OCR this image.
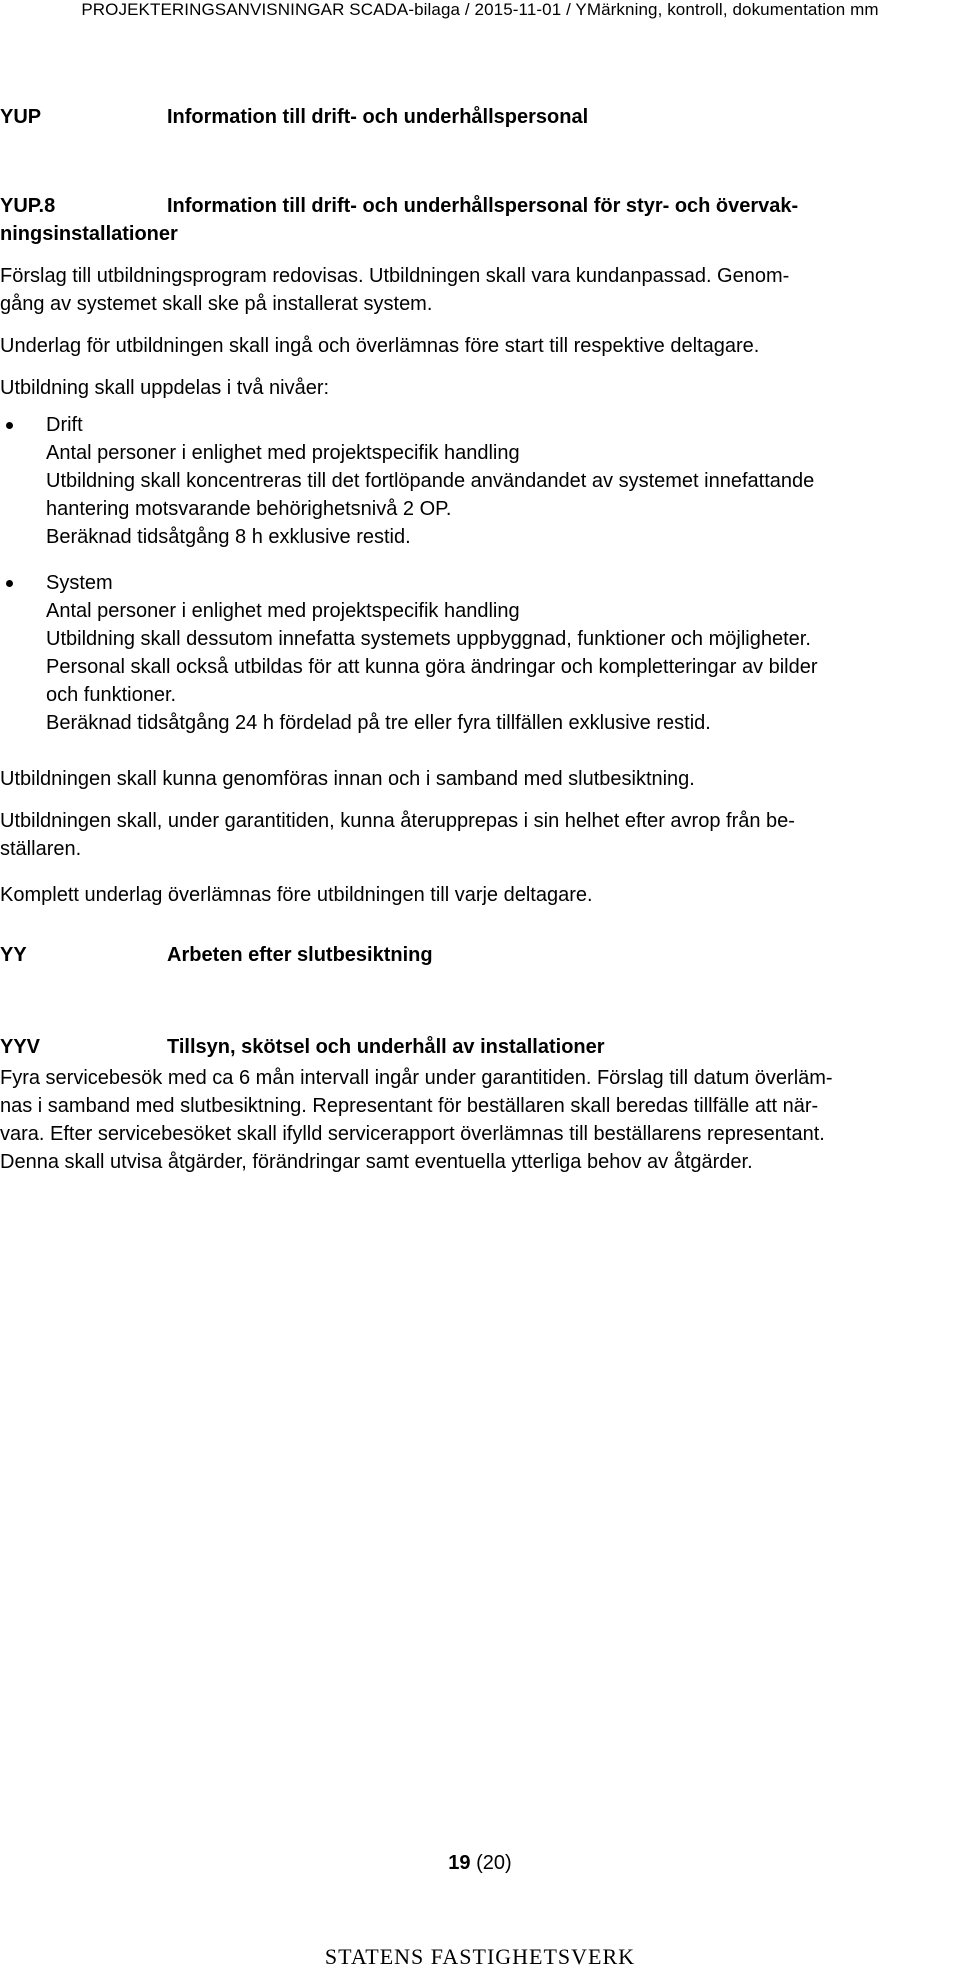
PROJEKTERINGSANVISNINGAR SCADA-bilaga / 2015-11-01 / YMärkning, kontroll, dokumentation mm
YUP	Information till drift- och underhållspersonal
YUP.8	Information till drift- och underhållspersonal för styr- och övervak-
ningsinstallationer

Förslag till utbildningsprogram redovisas. Utbildningen skall vara kundanpassad. Genom-

gång av systemet skall ske på installerat system.

Underlag för utbildningen skall ingå och överlämnas före start till respektive deltagare.

Utbildning skall uppdelas i två nivåer:

Drift

Antal personer i enlighet med projektspecifik handling

Utbildning skall koncentreras till det fortlöpande användandet av systemet innefattande

hantering motsvarande behörighetsnivå 2 OP.

Beräknad tidsåtgång 8 h exklusive restid.

System

Antal personer i enlighet med projektspecifik handling

Utbildning skall dessutom innefatta systemets uppbyggnad, funktioner och möjligheter.

Personal skall också utbildas för att kunna göra ändringar och kompletteringar av bilder

och funktioner.

Beräknad tidsåtgång 24 h fördelad på tre eller fyra tillfällen exklusive restid.

Utbildningen skall kunna genomföras innan och i samband med slutbesiktning.

Utbildningen skall, under garantitiden, kunna återupprepas i sin helhet efter avrop från be-

ställaren.

Komplett underlag överlämnas före utbildningen till varje deltagare.

YY	Arbeten efter slutbesiktning
YYV	Tillsyn, skötsel och underhåll av installationer

Fyra servicebesök med ca 6 mån intervall ingår under garantitiden. Förslag till datum överläm-

nas i samband med slutbesiktning. Representant för beställaren skall beredas tillfälle att när-

vara. Efter servicebesöket skall ifylld servicerapport överlämnas till beställarens representant.

Denna skall utvisa åtgärder, förändringar samt eventuella ytterliga behov av åtgärder.

19 (20)
STATENS FASTIGHETSVERK
